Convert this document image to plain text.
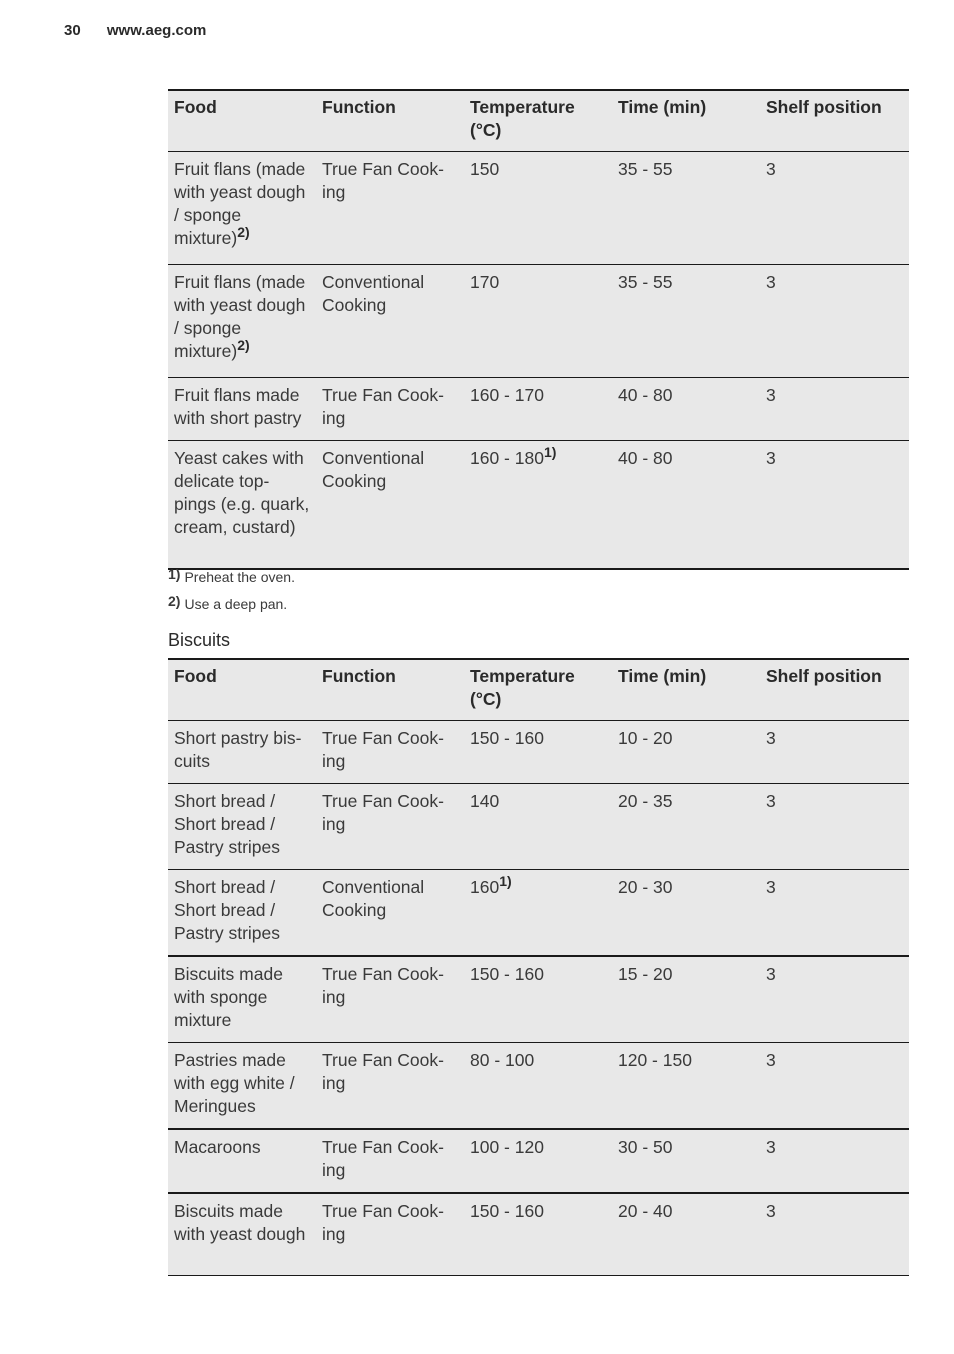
30 www.aeg.com
Food	Function	Temperature (°C)	Time (min)	Shelf position
Fruit flans (made with yeast dough / sponge mixture)$^{2)}$	True Fan Cook-ing	150	35 - 55	3
Fruit flans (made with yeast dough / sponge mixture)$^{2)}$	Conventional Cooking	170	35 - 55	3
Fruit flans made with short pastry	True Fan Cook-ing	160 - 170	40 - 80	3
Yeast cakes with delicate top-pings (e.g. quark, cream, custard)	Conventional Cooking	160 - 180$^{1)}$	40 - 80	3
1) Preheat the oven.
2) Use a deep pan.
Biscuits
Food	Function	Temperature (°C)	Time (min)	Shelf position
Short pastry bis-cuits	True Fan Cook-ing	150 - 160	10 - 20	3
Short bread / Short bread / Pastry stripes	True Fan Cook-ing	140	20 - 35	3
Short bread / Short bread / Pastry stripes	Conventional Cooking	160$^{1)}$	20 - 30	3
Biscuits made with sponge mixture	True Fan Cook-ing	150 - 160	15 - 20	3
Pastries made with egg white / Meringues	True Fan Cook-ing	80 - 100	120 - 150	3
Macaroons	True Fan Cook-ing	100 - 120	30 - 50	3
Biscuits made with yeast dough	True Fan Cook-ing	150 - 160	20 - 40	3
